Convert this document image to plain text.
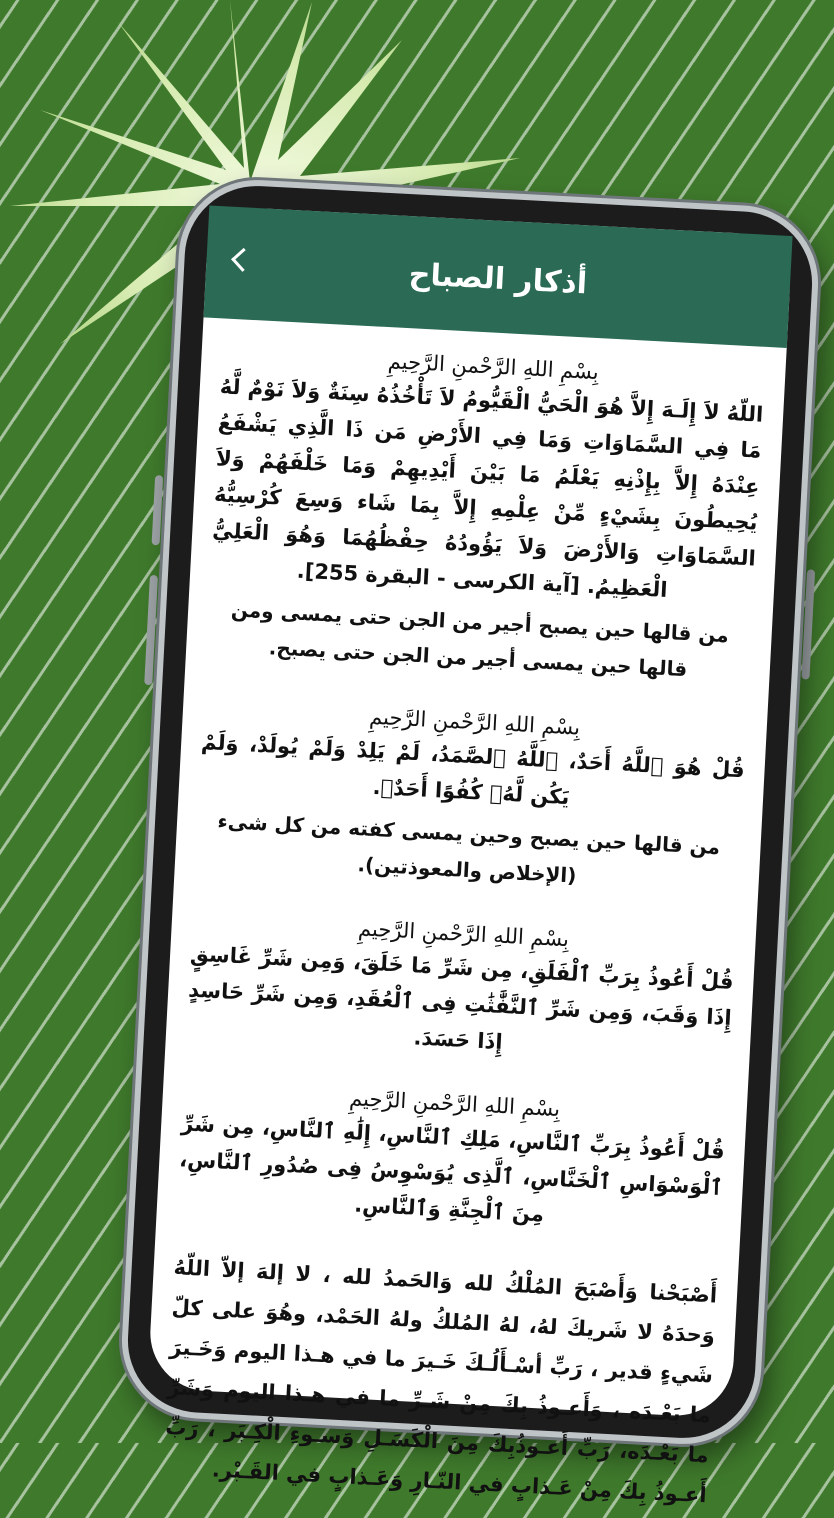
أذكار الصباح
بِسْمِ اللهِ الرَّحْمنِ الرَّحِيمِ
اللّهُ لاَ إِلَـهَ إِلاَّ هُوَ الْحَيُّ الْقَيُّومُ لاَ تَأْخُذُهُ سِنَةٌ وَلاَ نَوْمٌ لَّهُ مَا فِي السَّمَاوَاتِ وَمَا فِي الأَرْضِ مَن ذَا الَّذِي يَشْفَعُ عِنْدَهُ إِلاَّ بِإِذْنِهِ يَعْلَمُ مَا بَيْنَ أَيْدِيهِمْ وَمَا خَلْفَهُمْ وَلاَ يُحِيطُونَ بِشَيْءٍ مِّنْ عِلْمِهِ إِلاَّ بِمَا شَاء وَسِعَ كُرْسِيُّهُ السَّمَاوَاتِ وَالأَرْضَ وَلاَ يَؤُودُهُ حِفْظُهُمَا وَهُوَ الْعَلِيُّ الْعَظِيمُ. [آية الكرسى - البقرة 255].
من قالها حين يصبح أجير من الجن حتى يمسى ومن قالها حين يمسى أجير من الجن حتى يصبح.
بِسْمِ اللهِ الرَّحْمنِ الرَّحِيمِ
قُلْ هُوَ ٱللَّهُ أَحَدٌ، ٱللَّهُ ٱلصَّمَدُ، لَمْ يَلِدْ وَلَمْ يُولَدْ، وَلَمْ يَكُن لَّهُۥ كُفُوًا أَحَدٌۢ.
من قالها حين يصبح وحين يمسى كفته من كل شىء (الإخلاص والمعوذتين).
بِسْمِ اللهِ الرَّحْمنِ الرَّحِيمِ
قُلْ أَعُوذُ بِرَبِّ ٱلْفَلَقِ، مِن شَرِّ مَا خَلَقَ، وَمِن شَرِّ غَاسِقٍ إِذَا وَقَبَ، وَمِن شَرِّ ٱلنَّفَّٰثَٰتِ فِى ٱلْعُقَدِ، وَمِن شَرِّ حَاسِدٍ إِذَا حَسَدَ.
بِسْمِ اللهِ الرَّحْمنِ الرَّحِيمِ
قُلْ أَعُوذُ بِرَبِّ ٱلنَّاسِ، مَلِكِ ٱلنَّاسِ، إِلَٰهِ ٱلنَّاسِ، مِن شَرِّ ٱلْوَسْوَاسِ ٱلْخَنَّاسِ، ٱلَّذِى يُوَسْوِسُ فِى صُدُورِ ٱلنَّاسِ، مِنَ ٱلْجِنَّةِ وَٱلنَّاسِ.
أَصْبَحْنا وَأَصْبَحَ المُلْكُ لله وَالحَمدُ لله ، لا إلهَ إلاّ اللّهُ وَحدَهُ لا شَريكَ لهُ، لهُ المُلكُ ولهُ الحَمْد، وهُوَ على كلّ شَيءٍ قدير ، رَبِّ أسْـأَلُـكَ خَـيرَ ما في هـذا اليوم وَخَـيرَ ما بَعْـدَه ، وَأَعـوذُ بِكَ مِنْ شَـرِّ ما في هـذا اليوم وَشَرِّ ما بَعْـدَه، رَبِّ أَعـوذُبِكَ مِنَ الْكَسَـلِ وَسـوءِ الْكِـبَر ، رَبِّ أَعـوذُ بِكَ مِنْ عَـذابٍ في النّـارِ وَعَـذابٍ في القَـبْر.
